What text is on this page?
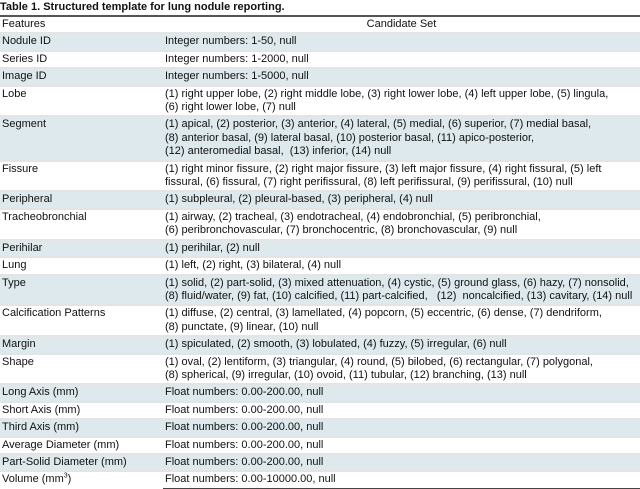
Table 1. Structured template for lung nodule reporting.
Features	Candidate Set
Nodule ID	Integer numbers: 1-50, null

Series ID	Integer numbers: 1-2000, null

Image ID	Integer numbers: 1-5000, null

Lobe	(1) right upper lobe, (2) right middle lobe, (3) right lower lobe, (4) left upper lobe, (5) lingula,
(6) right lower lobe, (7) null

Segment	(1) apical, (2) posterior, (3) anterior, (4) lateral, (5) medial, (6) superior, (7) medial basal,
(8) anterior basal, (9) lateral basal, (10) posterior basal, (11) apico-posterior,
(12) anteromedial basal,  (13) inferior, (14) null

Fissure	(1) right minor fissure, (2) right major fissure, (3) left major fissure, (4) right fissural, (5) left
fissural, (6) fissural, (7) right perifissural, (8) left perifissural, (9) perifissural, (10) null

Peripheral	(1) subpleural, (2) pleural-based, (3) peripheral, (4) null

Tracheobronchial	(1) airway, (2) tracheal, (3) endotracheal, (4) endobronchial, (5) peribronchial,
(6) peribronchovascular, (7) bronchocentric, (8) bronchovascular, (9) null

Perihilar	(1) perihilar, (2) null

Lung	(1) left, (2) right, (3) bilateral, (4) null

Type	(1) solid, (2) part-solid, (3) mixed attenuation, (4) cystic, (5) ground glass, (6) hazy, (7) nonsolid,
(8) fluid/water, (9) fat, (10) calcified, (11) part-calcified,   (12)  noncalcified, (13) cavitary, (14) null

Calcification Patterns	(1) diffuse, (2) central, (3) lamellated, (4) popcorn, (5) eccentric, (6) dense, (7) dendriform,
(8) punctate, (9) linear, (10) null

Margin	(1) spiculated, (2) smooth, (3) lobulated, (4) fuzzy, (5) irregular, (6) null

Shape	(1) oval, (2) lentiform, (3) triangular, (4) round, (5) bilobed, (6) rectangular, (7) polygonal,
(8) spherical, (9) irregular, (10) ovoid, (11) tubular, (12) branching, (13) null

Long Axis (mm)	Float numbers: 0.00-200.00, null

Short Axis (mm)	Float numbers: 0.00-200.00, null

Third Axis (mm)	Float numbers: 0.00-200.00, null

Average Diameter (mm)	Float numbers: 0.00-200.00, null

Part-Solid Diameter (mm)	Float numbers: 0.00-200.00, null

Volume $(mm^3)$	Float numbers: 0.00-10000.00, null
